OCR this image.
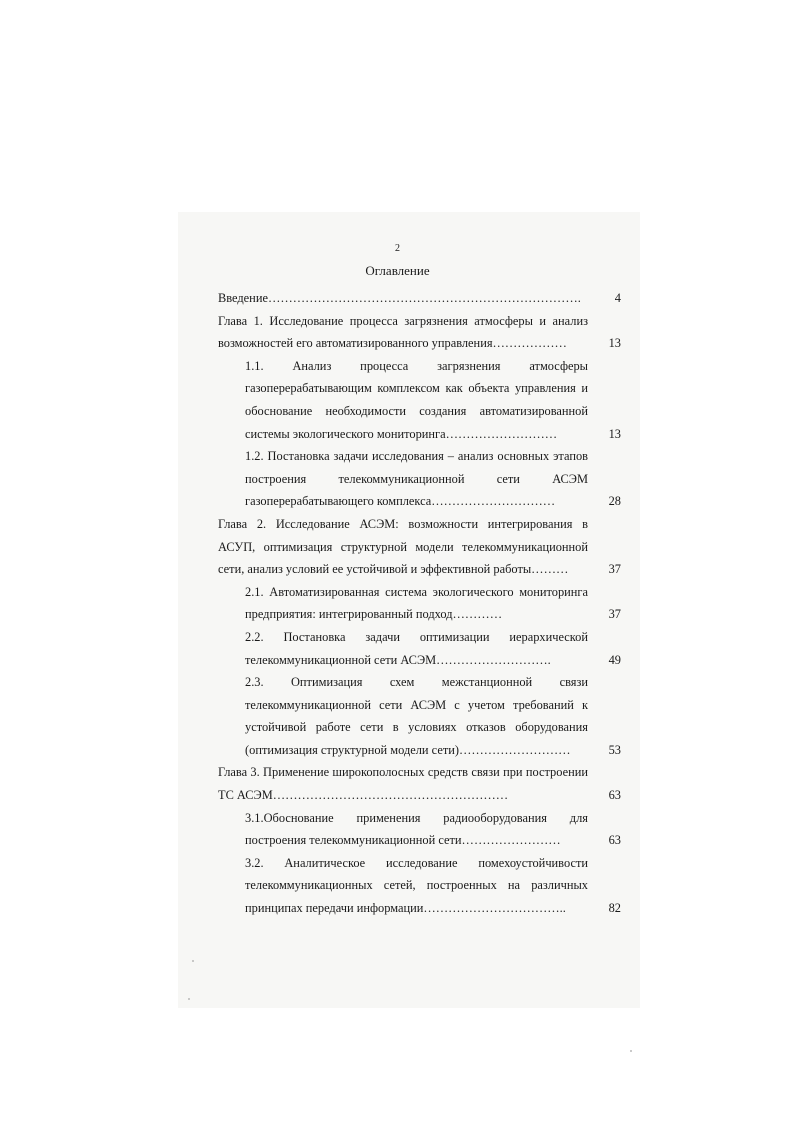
2
Оглавление
Введение………………………………………………………………….	4
Глава 1. Исследование процесса загрязнения атмосферы и анализ возможностей его автоматизированного управления………………	13
1.1. Анализ процесса загрязнения атмосферы газоперерабатывающим комплексом как объекта управления и обоснование необходимости создания автоматизированной системы экологического мониторинга………………………	13
1.2. Постановка задачи исследования – анализ основных этапов построения телекоммуникационной сети АСЭМ газоперерабатывающего комплекса…………………………	28
Глава 2. Исследование АСЭМ: возможности интегрирования в АСУП, оптимизация структурной модели телекоммуникационной сети, анализ условий ее устойчивой и эффективной работы………	37
2.1. Автоматизированная система экологического мониторинга предприятия: интегрированный подход…………	37
2.2. Постановка задачи оптимизации иерархической телекоммуникационной сети АСЭМ……………………….	49
2.3. Оптимизация схем межстанционной связи телекоммуникационной сети АСЭМ с учетом требований к устойчивой работе сети в условиях отказов оборудования (оптимизация структурной модели сети)………………………	53
Глава 3. Применение широкополосных средств связи при построении ТС АСЭМ…………………………………………………	63
3.1.Обоснование применения радиооборудования для построения телекоммуникационной сети……………………	63
3.2. Аналитическое исследование помехоустойчивости телекоммуникационных сетей, построенных на различных принципах передачи информации……………………………..	82
